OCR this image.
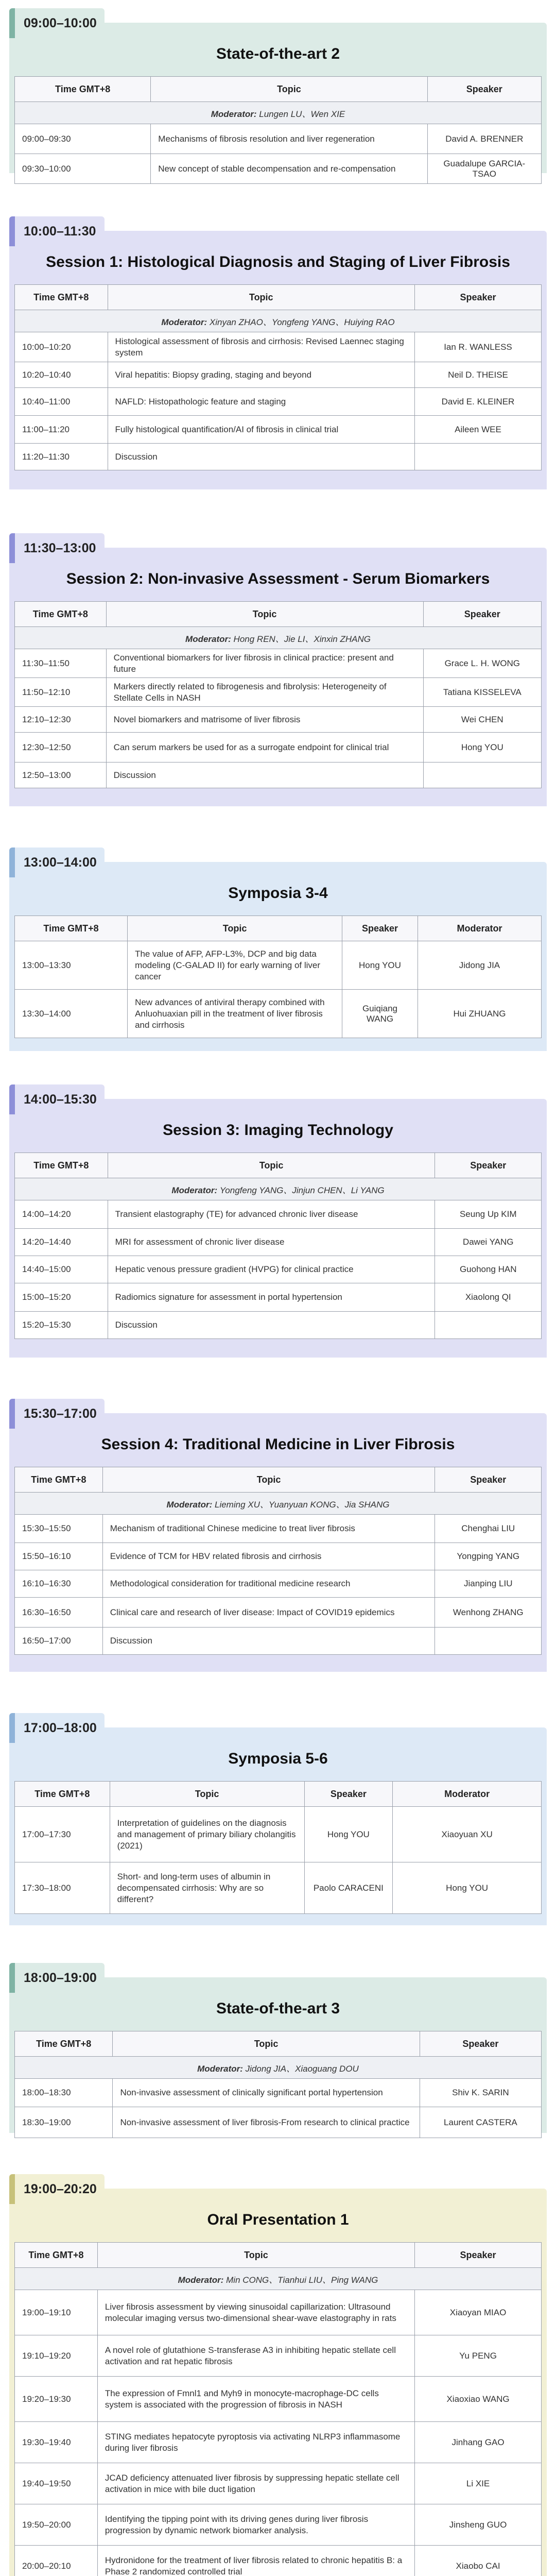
State-of-the-art 2
Time GMT+8	Topic	Speaker
Moderator: Lungen LU、Wen XIE		
09:00–09:30	Mechanisms of fibrosis resolution and liver regeneration	David A. BRENNER
09:30–10:00	New concept of stable decompensation and re-compensation	Guadalupe GARCIA-TSAO
09:00–10:00
Session 1: Histological Diagnosis and Staging of Liver Fibrosis
Time GMT+8	Topic	Speaker
Moderator: Xinyan ZHAO、Yongfeng YANG、Huiying RAO		
10:00–10:20	Histological assessment of fibrosis and cirrhosis: Revised Laennec staging system	Ian R. WANLESS
10:20–10:40	Viral hepatitis: Biopsy grading, staging and beyond	Neil D. THEISE
10:40–11:00	NAFLD: Histopathologic feature and staging	David E. KLEINER
11:00–11:20	Fully histological quantification/AI of fibrosis in clinical trial	Aileen WEE
11:20–11:30	Discussion	
10:00–11:30
Session 2: Non-invasive Assessment - Serum Biomarkers
Time GMT+8	Topic	Speaker
Moderator: Hong REN、Jie LI、Xinxin ZHANG		
11:30–11:50	Conventional biomarkers for liver fibrosis in clinical practice: present and future	Grace L. H. WONG
11:50–12:10	Markers directly related to fibrogenesis and fibrolysis: Heterogeneity of Stellate Cells in NASH	Tatiana KISSELEVA
12:10–12:30	Novel biomarkers and matrisome of liver fibrosis	Wei CHEN
12:30–12:50	Can serum markers be used for as a surrogate endpoint for clinical trial	Hong YOU
12:50–13:00	Discussion	
11:30–13:00
Symposia 3-4
Time GMT+8	Topic	Speaker	Moderator
13:00–13:30	The value of AFP, AFP-L3%, DCP and big data modeling (C-GALAD II) for early warning of liver cancer	Hong YOU	Jidong JIA
13:30–14:00	New advances of antiviral therapy combined with Anluohuaxian pill in the treatment of liver fibrosis and cirrhosis	Guiqiang WANG	Hui ZHUANG
13:00–14:00
Session 3: Imaging Technology
Time GMT+8	Topic	Speaker
Moderator: Yongfeng YANG、Jinjun CHEN、Li YANG		
14:00–14:20	Transient elastography (TE) for advanced chronic liver disease	Seung Up KIM
14:20–14:40	MRI for assessment of chronic liver disease	Dawei YANG
14:40–15:00	Hepatic venous pressure gradient (HVPG) for clinical practice	Guohong HAN
15:00–15:20	Radiomics signature for assessment in portal hypertension	Xiaolong QI
15:20–15:30	Discussion	
14:00–15:30
Session 4: Traditional Medicine in Liver Fibrosis
Time GMT+8	Topic	Speaker
Moderator: Lieming XU、Yuanyuan KONG、Jia SHANG		
15:30–15:50	Mechanism of traditional Chinese medicine to treat liver fibrosis	Chenghai LIU
15:50–16:10	Evidence of TCM for HBV related fibrosis and cirrhosis	Yongping YANG
16:10–16:30	Methodological consideration for traditional medicine research	Jianping LIU
16:30–16:50	Clinical care and research of liver disease: Impact of COVID19 epidemics	Wenhong ZHANG
16:50–17:00	Discussion	
15:30–17:00
Symposia 5-6
Time GMT+8	Topic	Speaker	Moderator
17:00–17:30	Interpretation of guidelines on the diagnosis and management of primary biliary cholangitis (2021)	Hong YOU	Xiaoyuan XU
17:30–18:00	Short- and long-term uses of albumin in decompensated cirrhosis: Why are so different?	Paolo CARACENI	Hong YOU
17:00–18:00
State-of-the-art 3
Time GMT+8	Topic	Speaker
Moderator: Jidong JIA、Xiaoguang DOU		
18:00–18:30	Non-invasive assessment of clinically significant portal hypertension	Shiv K. SARIN
18:30–19:00	Non-invasive assessment of liver fibrosis-From research to clinical practice	Laurent CASTERA
18:00–19:00
Oral Presentation 1
Time GMT+8	Topic	Speaker
Moderator: Min CONG、Tianhui LIU、Ping WANG		
19:00–19:10	Liver fibrosis assessment by viewing sinusoidal capillarization: Ultrasound molecular imaging versus two-dimensional shear-wave elastography in rats	Xiaoyan MIAO
19:10–19:20	A novel role of glutathione S-transferase A3 in inhibiting hepatic stellate cell activation and rat hepatic fibrosis	Yu PENG
19:20–19:30	The expression of Fmnl1 and Myh9 in monocyte-macrophage-DC cells system is associated with the progression of fibrosis in NASH	Xiaoxiao WANG
19:30–19:40	STING mediates hepatocyte pyroptosis via activating NLRP3 inflammasome during liver fibrosis	Jinhang GAO
19:40–19:50	JCAD deficiency attenuated liver fibrosis by suppressing hepatic stellate cell activation in mice with bile duct ligation	Li XIE
19:50–20:00	Identifying the tipping point with its driving genes during liver fibrosis progression by dynamic network biomarker analysis.	Jinsheng GUO
20:00–20:10	Hydronidone for the treatment of liver fibrosis related to chronic hepatitis B: a Phase 2 randomized controlled trial	Xiaobo CAI

19:00–20:20
